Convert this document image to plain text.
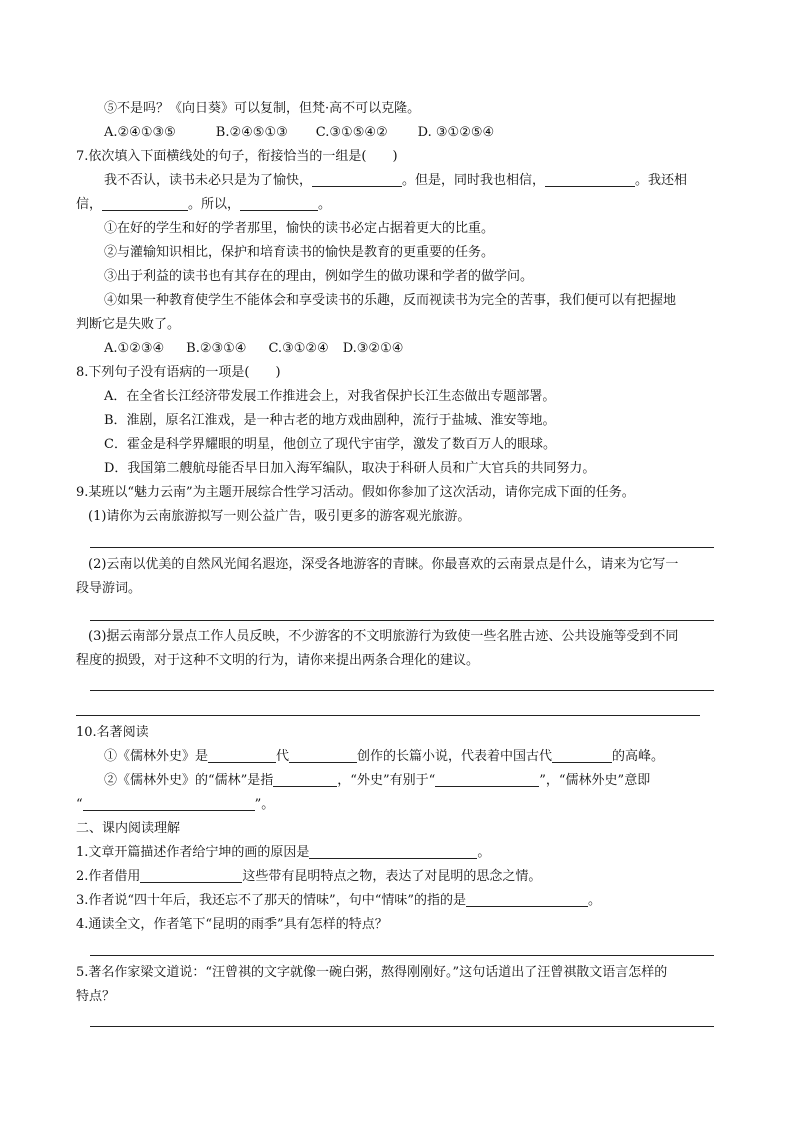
⑤不是吗？《向日葵》可以复制，但梵·高不可以克隆。
A.②④①③⑤	B.②④⑤①③ C.③①⑤④② D. ③①②⑤④
7.依次填入下面横线处的句子，衔接恰当的一组是(　　)
我不否认，读书未必只是为了愉快，	。但是，同时我也相信，	。我还相
信，	。所以，	。
①在好的学生和好的学者那里，愉快的读书必定占据着更大的比重。
②与灌输知识相比，保护和培育读书的愉快是教育的更重要的任务。
③出于利益的读书也有其存在的理由，例如学生的做功课和学者的做学问。
④如果一种教育使学生不能体会和享受读书的乐趣，反而视读书为完全的苦事，我们便可以有把握地
判断它是失败了。
A.①②③④ B.②③①④ C.③①②④ D.③②①④
8.下列句子没有语病的一项是(　　)
A．在全省长江经济带发展工作推进会上，对我省保护长江生态做出专题部署。
B．淮剧，原名江淮戏，是一种古老的地方戏曲剧种，流行于盐城、淮安等地。
C．霍金是科学界耀眼的明星，他创立了现代宇宙学，激发了数百万人的眼球。
D．我国第二艘航母能否早日加入海军编队，取决于科研人员和广大官兵的共同努力。
9.某班以“魅力云南”为主题开展综合性学习活动。假如你参加了这次活动，请你完成下面的任务。
(1)请你为云南旅游拟写一则公益广告，吸引更多的游客观光旅游。
(2)云南以优美的自然风光闻名遐迩，深受各地游客的青睐。你最喜欢的云南景点是什么，请来为它写一
段导游词。
(3)据云南部分景点工作人员反映，不少游客的不文明旅游行为致使一些名胜古迹、公共设施等受到不同
程度的损毁，对于这种不文明的行为，请你来提出两条合理化的建议。
10.名著阅读
①《儒林外史》是	代	创作的长篇小说，代表着中国古代	的高峰。
②《儒林外史》的“儒林”是指	，“外史”有别于“	”，“儒林外史”意即
“	”。
二、课内阅读理解
1.文章开篇描述作者给宁坤的画的原因是	。
2.作者借用	这些带有昆明特点之物，表达了对昆明的思念之情。
3.作者说“四十年后，我还忘不了那天的情味”，句中“情味”的指的是	。
4.通读全文，作者笔下“昆明的雨季”具有怎样的特点？
5.著名作家梁文道说：“汪曾祺的文字就像一碗白粥，熬得刚刚好。”这句话道出了汪曾祺散文语言怎样的
特点？
